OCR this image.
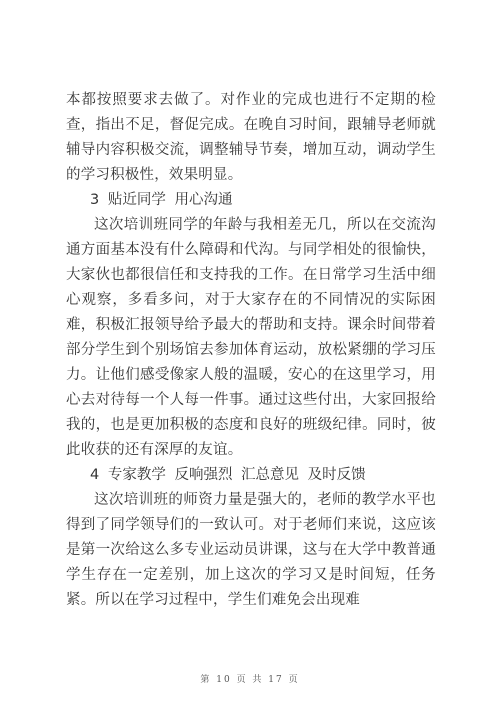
本都按照要求去做了。对作业的完成也进行不定期的检查，指出不足，督促完成。在晚自习时间，跟辅导老师就辅导内容积极交流，调整辅导节奏，增加互动，调动学生的学习积极性，效果明显。

3 贴近同学 用心沟通

这次培训班同学的年龄与我相差无几，所以在交流沟通方面基本没有什么障碍和代沟。与同学相处的很愉快，大家伙也都很信任和支持我的工作。在日常学习生活中细心观察，多看多问，对于大家存在的不同情况的实际困难，积极汇报领导给予最大的帮助和支持。课余时间带着部分学生到个别场馆去参加体育运动，放松紧绷的学习压力。让他们感受像家人般的温暖，安心的在这里学习，用心去对待每一个人每一件事。通过这些付出，大家回报给我的，也是更加积极的态度和良好的班级纪律。同时，彼此收获的还有深厚的友谊。

4 专家教学 反响强烈 汇总意见 及时反馈

这次培训班的师资力量是强大的，老师的教学水平也得到了同学领导们的一致认可。对于老师们来说，这应该是第一次给这么多专业运动员讲课，这与在大学中教普通学生存在一定差别，加上这次的学习又是时间短，任务紧。所以在学习过程中，学生们难免会出现难

第 10 页 共 17 页
